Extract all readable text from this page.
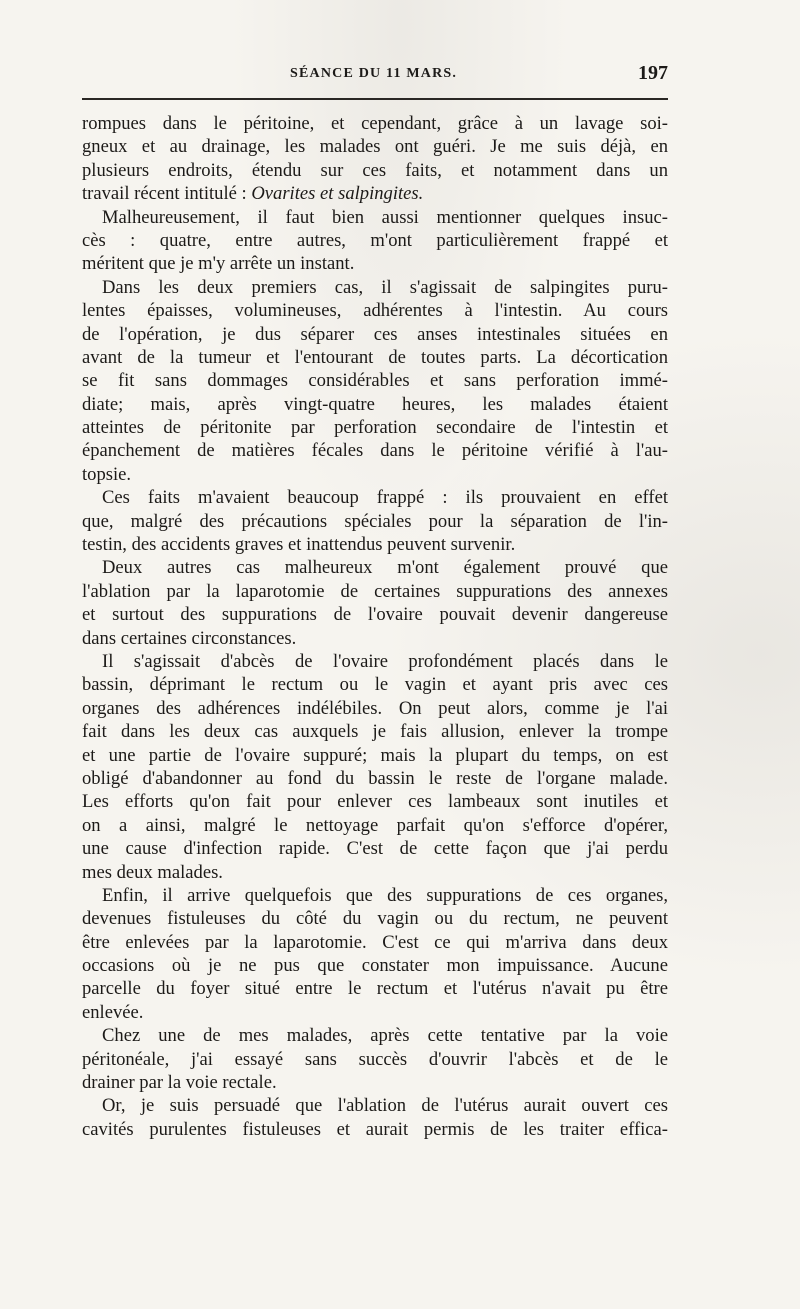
SÉANCE DU 11 MARS.	197
rompues dans le péritoine, et cependant, grâce à un lavage soi-
gneux et au drainage, les malades ont guéri. Je me suis déjà, en
plusieurs endroits, étendu sur ces faits, et notamment dans un
travail récent intitulé : Ovarites et salpingites.
Malheureusement, il faut bien aussi mentionner quelques insuc-
cès : quatre, entre autres, m'ont particulièrement frappé et
méritent que je m'y arrête un instant.
Dans les deux premiers cas, il s'agissait de salpingites puru-
lentes épaisses, volumineuses, adhérentes à l'intestin. Au cours
de l'opération, je dus séparer ces anses intestinales situées en
avant de la tumeur et l'entourant de toutes parts. La décortication
se fit sans dommages considérables et sans perforation immé-
diate; mais, après vingt-quatre heures, les malades étaient
atteintes de péritonite par perforation secondaire de l'intestin et
épanchement de matières fécales dans le péritoine vérifié à l'au-
topsie.
Ces faits m'avaient beaucoup frappé : ils prouvaient en effet
que, malgré des précautions spéciales pour la séparation de l'in-
testin, des accidents graves et inattendus peuvent survenir.
Deux autres cas malheureux m'ont également prouvé que
l'ablation par la laparotomie de certaines suppurations des annexes
et surtout des suppurations de l'ovaire pouvait devenir dangereuse
dans certaines circonstances.
Il s'agissait d'abcès de l'ovaire profondément placés dans le
bassin, déprimant le rectum ou le vagin et ayant pris avec ces
organes des adhérences indélébiles. On peut alors, comme je l'ai
fait dans les deux cas auxquels je fais allusion, enlever la trompe
et une partie de l'ovaire suppuré; mais la plupart du temps, on est
obligé d'abandonner au fond du bassin le reste de l'organe malade.
Les efforts qu'on fait pour enlever ces lambeaux sont inutiles et
on a ainsi, malgré le nettoyage parfait qu'on s'efforce d'opérer,
une cause d'infection rapide. C'est de cette façon que j'ai perdu
mes deux malades.
Enfin, il arrive quelquefois que des suppurations de ces organes,
devenues fistuleuses du côté du vagin ou du rectum, ne peuvent
être enlevées par la laparotomie. C'est ce qui m'arriva dans deux
occasions où je ne pus que constater mon impuissance. Aucune
parcelle du foyer situé entre le rectum et l'utérus n'avait pu être
enlevée.
Chez une de mes malades, après cette tentative par la voie
péritonéale, j'ai essayé sans succès d'ouvrir l'abcès et de le
drainer par la voie rectale.
Or, je suis persuadé que l'ablation de l'utérus aurait ouvert ces
cavités purulentes fistuleuses et aurait permis de les traiter effica-
